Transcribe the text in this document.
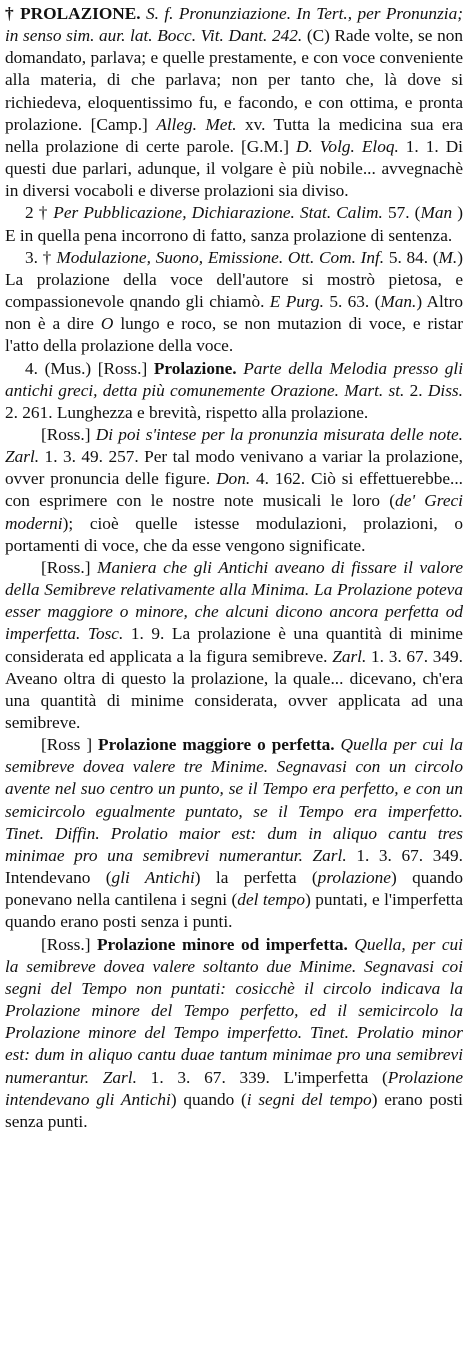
† PROLAZIONE. S. f. Pronunziazione. In Tert., per Pronunzia; in senso sim. aur. lat. Bocc. Vit. Dant. 242. (C) Rade volte, se non domandato, parlava; e quelle prestamente, e con voce conveniente alla materia, di che parlava; non per tanto che, là dove si richiedeva, eloquentissimo fu, e facondo, e con ottima, e pronta prolazione. [Camp.] Alleg. Met. xv. Tutta la medicina sua era nella prolazione di certe parole. [G.M.] D. Volg. Eloq. 1. 1. Di questi due parlari, adunque, il volgare è più nobile... avvegnachè in diversi vocaboli e diverse prolazioni sia diviso.

2 † Per Pubblicazione, Dichiarazione. Stat. Calim. 57. (Man ) E in quella pena incorrono di fatto, sanza prolazione di sentenza.

3. † Modulazione, Suono, Emissione. Ott. Com. Inf. 5. 84. (M.) La prolazione della voce dell'autore si mostrò pietosa, e compassionevole qnando gli chiamò. E Purg. 5. 63. (Man.) Altro non è a dire O lungo e roco, se non mutazion di voce, e ristar l'atto della prolazione della voce.

4. (Mus.) [Ross.] Prolazione. Parte della Melodia presso gli antichi greci, detta più comunemente Orazione. Mart. st. 2. Diss. 2. 261. Lunghezza e brevità, rispetto alla prolazione.

[Ross.] Di poi s'intese per la pronunzia misurata delle note. Zarl. 1. 3. 49. 257. Per tal modo venivano a variar la prolazione, ovver pronuncia delle figure. Don. 4. 162. Ciò si effettuerebbe... con esprimere con le nostre note musicali le loro (de' Greci moderni); cioè quelle istesse modulazioni, prolazioni, o portamenti di voce, che da esse vengono significate.

[Ross.] Maniera che gli Antichi aveano di fissare il valore della Semibreve relativamente alla Minima. La Prolazione poteva esser maggiore o minore, che alcuni dicono ancora perfetta od imperfetta. Tosc. 1. 9. La prolazione è una quantità di minime considerata ed applicata a la figura semibreve. Zarl. 1. 3. 67. 349. Aveano oltra di questo la prolazione, la quale... dicevano, ch'era una quantità di minime considerata, ovver applicata ad una semibreve.

[Ross ] Prolazione maggiore o perfetta. Quella per cui la semibreve dovea valere tre Minime. Segnavasi con un circolo avente nel suo centro un punto, se il Tempo era perfetto, e con un semicircolo egualmente puntato, se il Tempo era imperfetto. Tinet. Diffin. Prolatio maior est: dum in aliquo cantu tres minimae pro una semibrevi numerantur. Zarl. 1. 3. 67. 349. Intendevano (gli Antichi) la perfetta (prolazione) quando ponevano nella cantilena i segni (del tempo) puntati, e l'imperfetta quando erano posti senza i punti.

[Ross.] Prolazione minore od imperfetta. Quella, per cui la semibreve dovea valere soltanto due Minime. Segnavasi coi segni del Tempo non puntati: cosicchè il circolo indicava la Prolazione minore del Tempo perfetto, ed il semicircolo la Prolazione minore del Tempo imperfetto. Tinet. Prolatio minor est: dum in aliquo cantu duae tantum minimae pro una semibrevi numerantur. Zarl. 1. 3. 67. 339. L'imperfetta (Prolazione intendevano gli Antichi) quando (i segni del tempo) erano posti senza punti.
